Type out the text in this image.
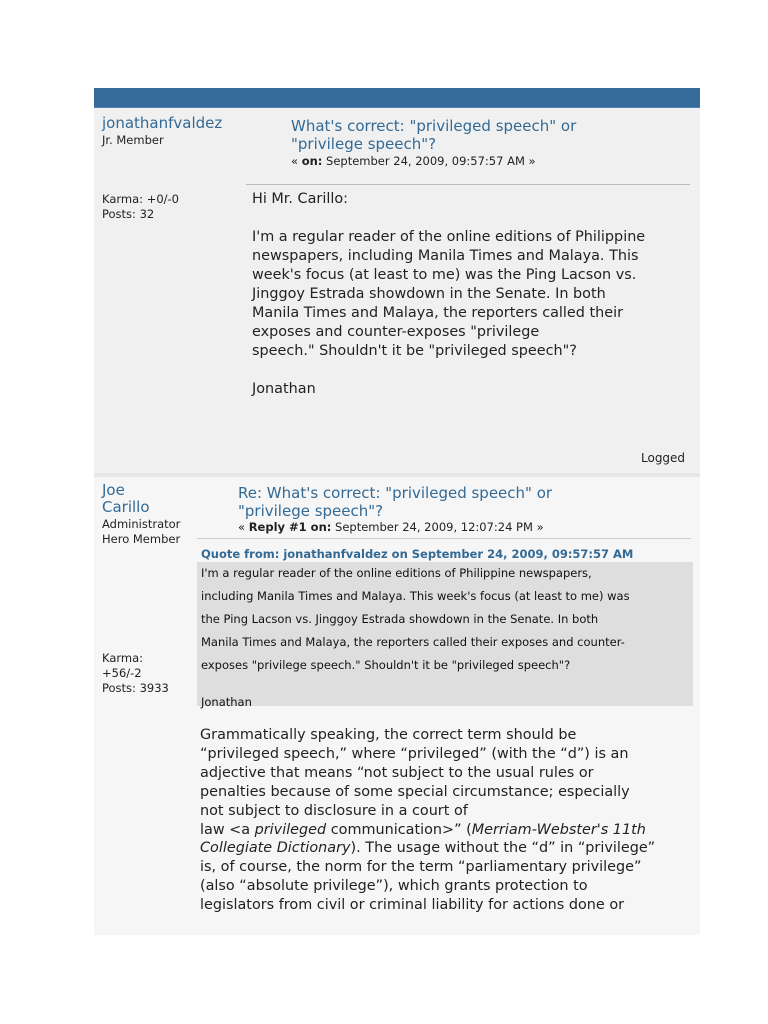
jonathanfvaldez
Jr. Member
Karma: +0/-0
Posts: 32
What's correct: "privileged speech" or
"privilege speech"?
« on: September 24, 2009, 09:57:57 AM »
Hi Mr. Carillo:
I'm a regular reader of the online editions of Philippine
newspapers, including Manila Times and Malaya. This
week's focus (at least to me) was the Ping Lacson vs.
Jinggoy Estrada showdown in the Senate. In both
Manila Times and Malaya, the reporters called their
exposes and counter-exposes "privilege
speech." Shouldn't it be "privileged speech"?
Jonathan
Logged
Joe
Carillo
Administrator
Hero Member
Karma:
+56/-2
Posts: 3933
Re: What's correct: "privileged speech" or
"privilege speech"?
« Reply #1 on: September 24, 2009, 12:07:24 PM »
Quote from: jonathanfvaldez on September 24, 2009, 09:57:57 AM
I'm a regular reader of the online editions of Philippine newspapers,
including Manila Times and Malaya. This week's focus (at least to me) was
the Ping Lacson vs. Jinggoy Estrada showdown in the Senate. In both
Manila Times and Malaya, the reporters called their exposes and counter-
exposes "privilege speech." Shouldn't it be "privileged speech"?
Jonathan
Grammatically speaking, the correct term should be
“privileged speech,” where “privileged” (with the “d”) is an
adjective that means “not subject to the usual rules or
penalties because of some special circumstance; especially
not subject to disclosure in a court of
law <a privileged communication>” (Merriam-Webster's 11th
Collegiate Dictionary). The usage without the “d” in “privilege”
is, of course, the norm for the term “parliamentary privilege”
(also “absolute privilege”), which grants protection to
legislators from civil or criminal liability for actions done or
